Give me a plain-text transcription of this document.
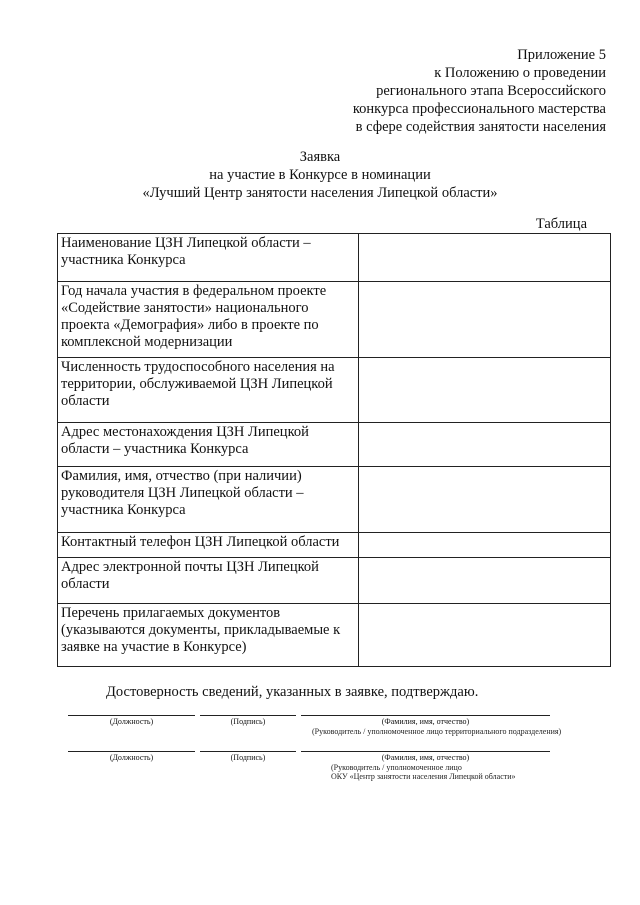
Приложение 5
к Положению о проведении
регионального этапа Всероссийского
конкурса профессионального мастерства
в сфере содействия занятости населения
Заявка
на участие в Конкурсе в номинации
«Лучший Центр занятости населения Липецкой области»
Таблица
Наименование ЦЗН Липецкой области – участника Конкурса	
Год начала участия в федеральном проекте «Содействие занятости» национального проекта «Демография» либо в проекте по комплексной модернизации	
Численность трудоспособного населения на территории, обслуживаемой ЦЗН Липецкой области	
Адрес местонахождения ЦЗН Липецкой области – участника Конкурса	
Фамилия, имя, отчество (при наличии) руководителя ЦЗН Липецкой области – участника Конкурса	
Контактный телефон ЦЗН Липецкой области	
Адрес электронной почты ЦЗН Липецкой области	
Перечень прилагаемых документов (указываются документы, прикладываемые к заявке на участие в Конкурсе)	
Достоверность сведений, указанных в заявке, подтверждаю.
(Должность)	(Подпись)	(Фамилия, имя, отчество)
(Руководитель / уполномоченное лицо территориального подразделения)
(Должность)	(Подпись)	(Фамилия, имя, отчество)
(Руководитель / уполномоченное лицо
ОКУ «Центр занятости населения Липецкой области»
